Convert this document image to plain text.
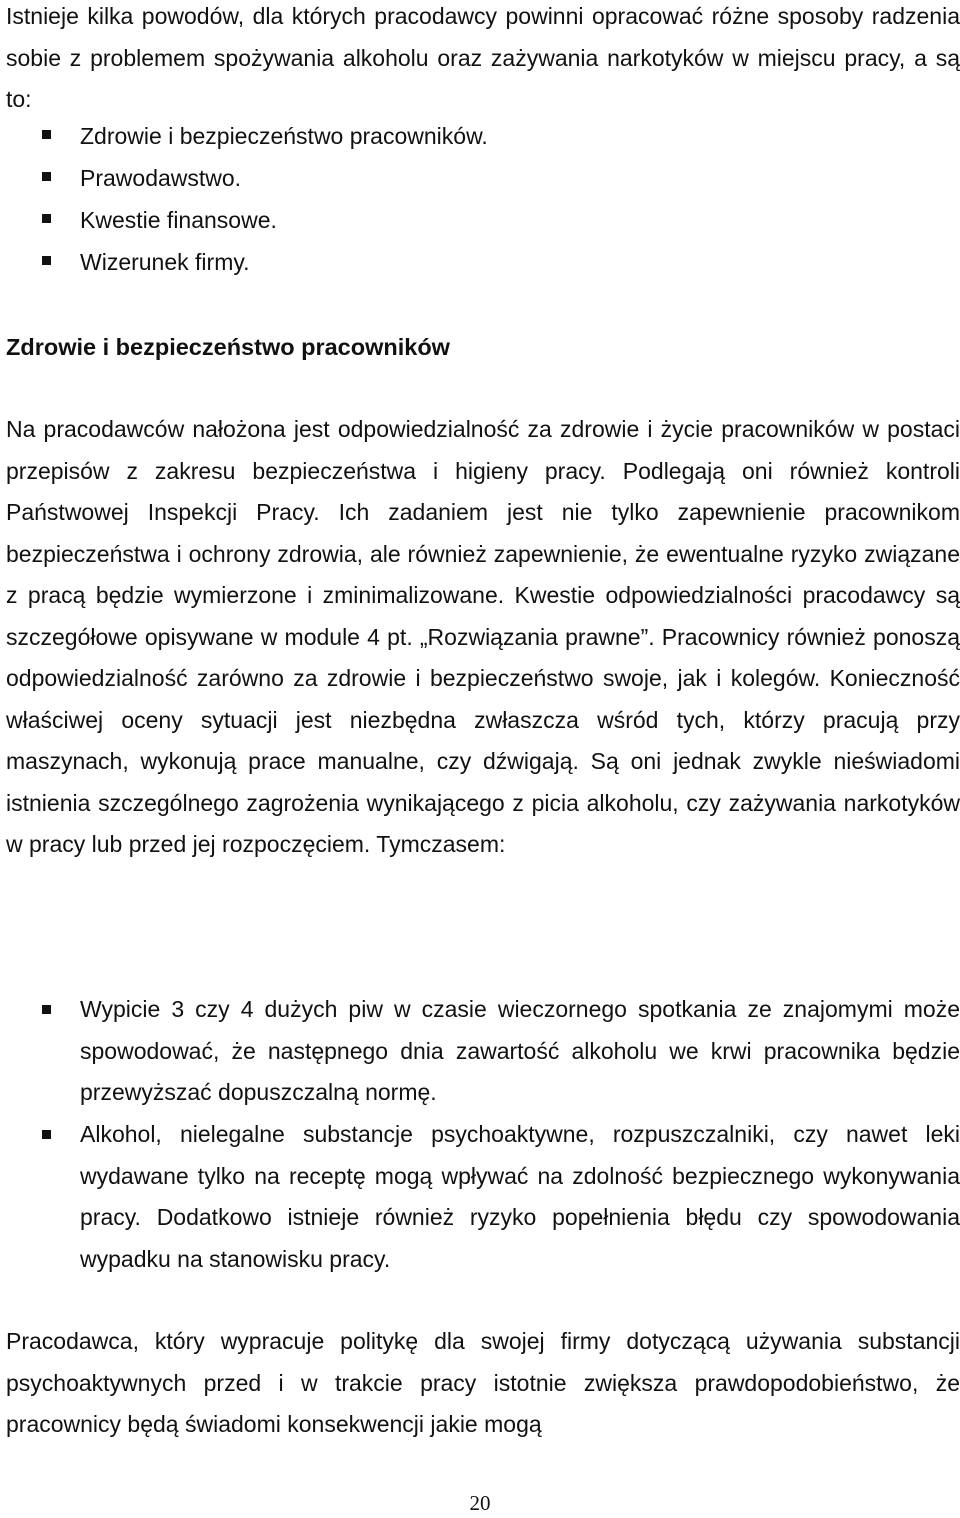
Istnieje kilka powodów, dla których pracodawcy powinni opracować różne sposoby radzenia sobie z problemem spożywania alkoholu oraz zażywania narkotyków w miejscu pracy, a są to:

Zdrowie i bezpieczeństwo pracowników.
Prawodawstwo.
Kwestie finansowe.
Wizerunek firmy.
Zdrowie i bezpieczeństwo pracowników

Na pracodawców nałożona jest odpowiedzialność za zdrowie i życie pracowników w postaci przepisów z zakresu bezpieczeństwa i higieny pracy. Podlegają oni również kontroli Państwowej Inspekcji Pracy. Ich zadaniem jest nie tylko zapewnienie pracownikom bezpieczeństwa i ochrony zdrowia, ale również zapewnienie, że ewentualne ryzyko związane z pracą będzie wymierzone i zminimalizowane. Kwestie odpowiedzialności pracodawcy są szczegółowe opisywane w module 4 pt. „Rozwiązania prawne”. Pracownicy również ponoszą odpowiedzialność zarówno za zdrowie i bezpieczeństwo swoje, jak i kolegów. Konieczność właściwej oceny sytuacji jest niezbędna zwłaszcza wśród tych, którzy pracują przy maszynach, wykonują prace manualne, czy dźwigają. Są oni jednak zwykle nieświadomi istnienia szczególnego zagrożenia wynikającego z picia alkoholu, czy zażywania narkotyków w pracy lub przed jej rozpoczęciem. Tymczasem:

Wypicie 3 czy 4 dużych piw w czasie wieczornego spotkania ze znajomymi może spowodować, że następnego dnia zawartość alkoholu we krwi pracownika będzie przewyższać dopuszczalną normę.
Alkohol, nielegalne substancje psychoaktywne, rozpuszczalniki, czy nawet leki wydawane tylko na receptę mogą wpływać na zdolność bezpiecznego wykonywania pracy. Dodatkowo istnieje również ryzyko popełnienia błędu czy spowodowania wypadku na stanowisku pracy.

Pracodawca, który wypracuje politykę dla swojej firmy dotyczącą używania substancji psychoaktywnych przed i w trakcie pracy istotnie zwiększa prawdopodobieństwo, że pracownicy będą świadomi konsekwencji jakie mogą

20
